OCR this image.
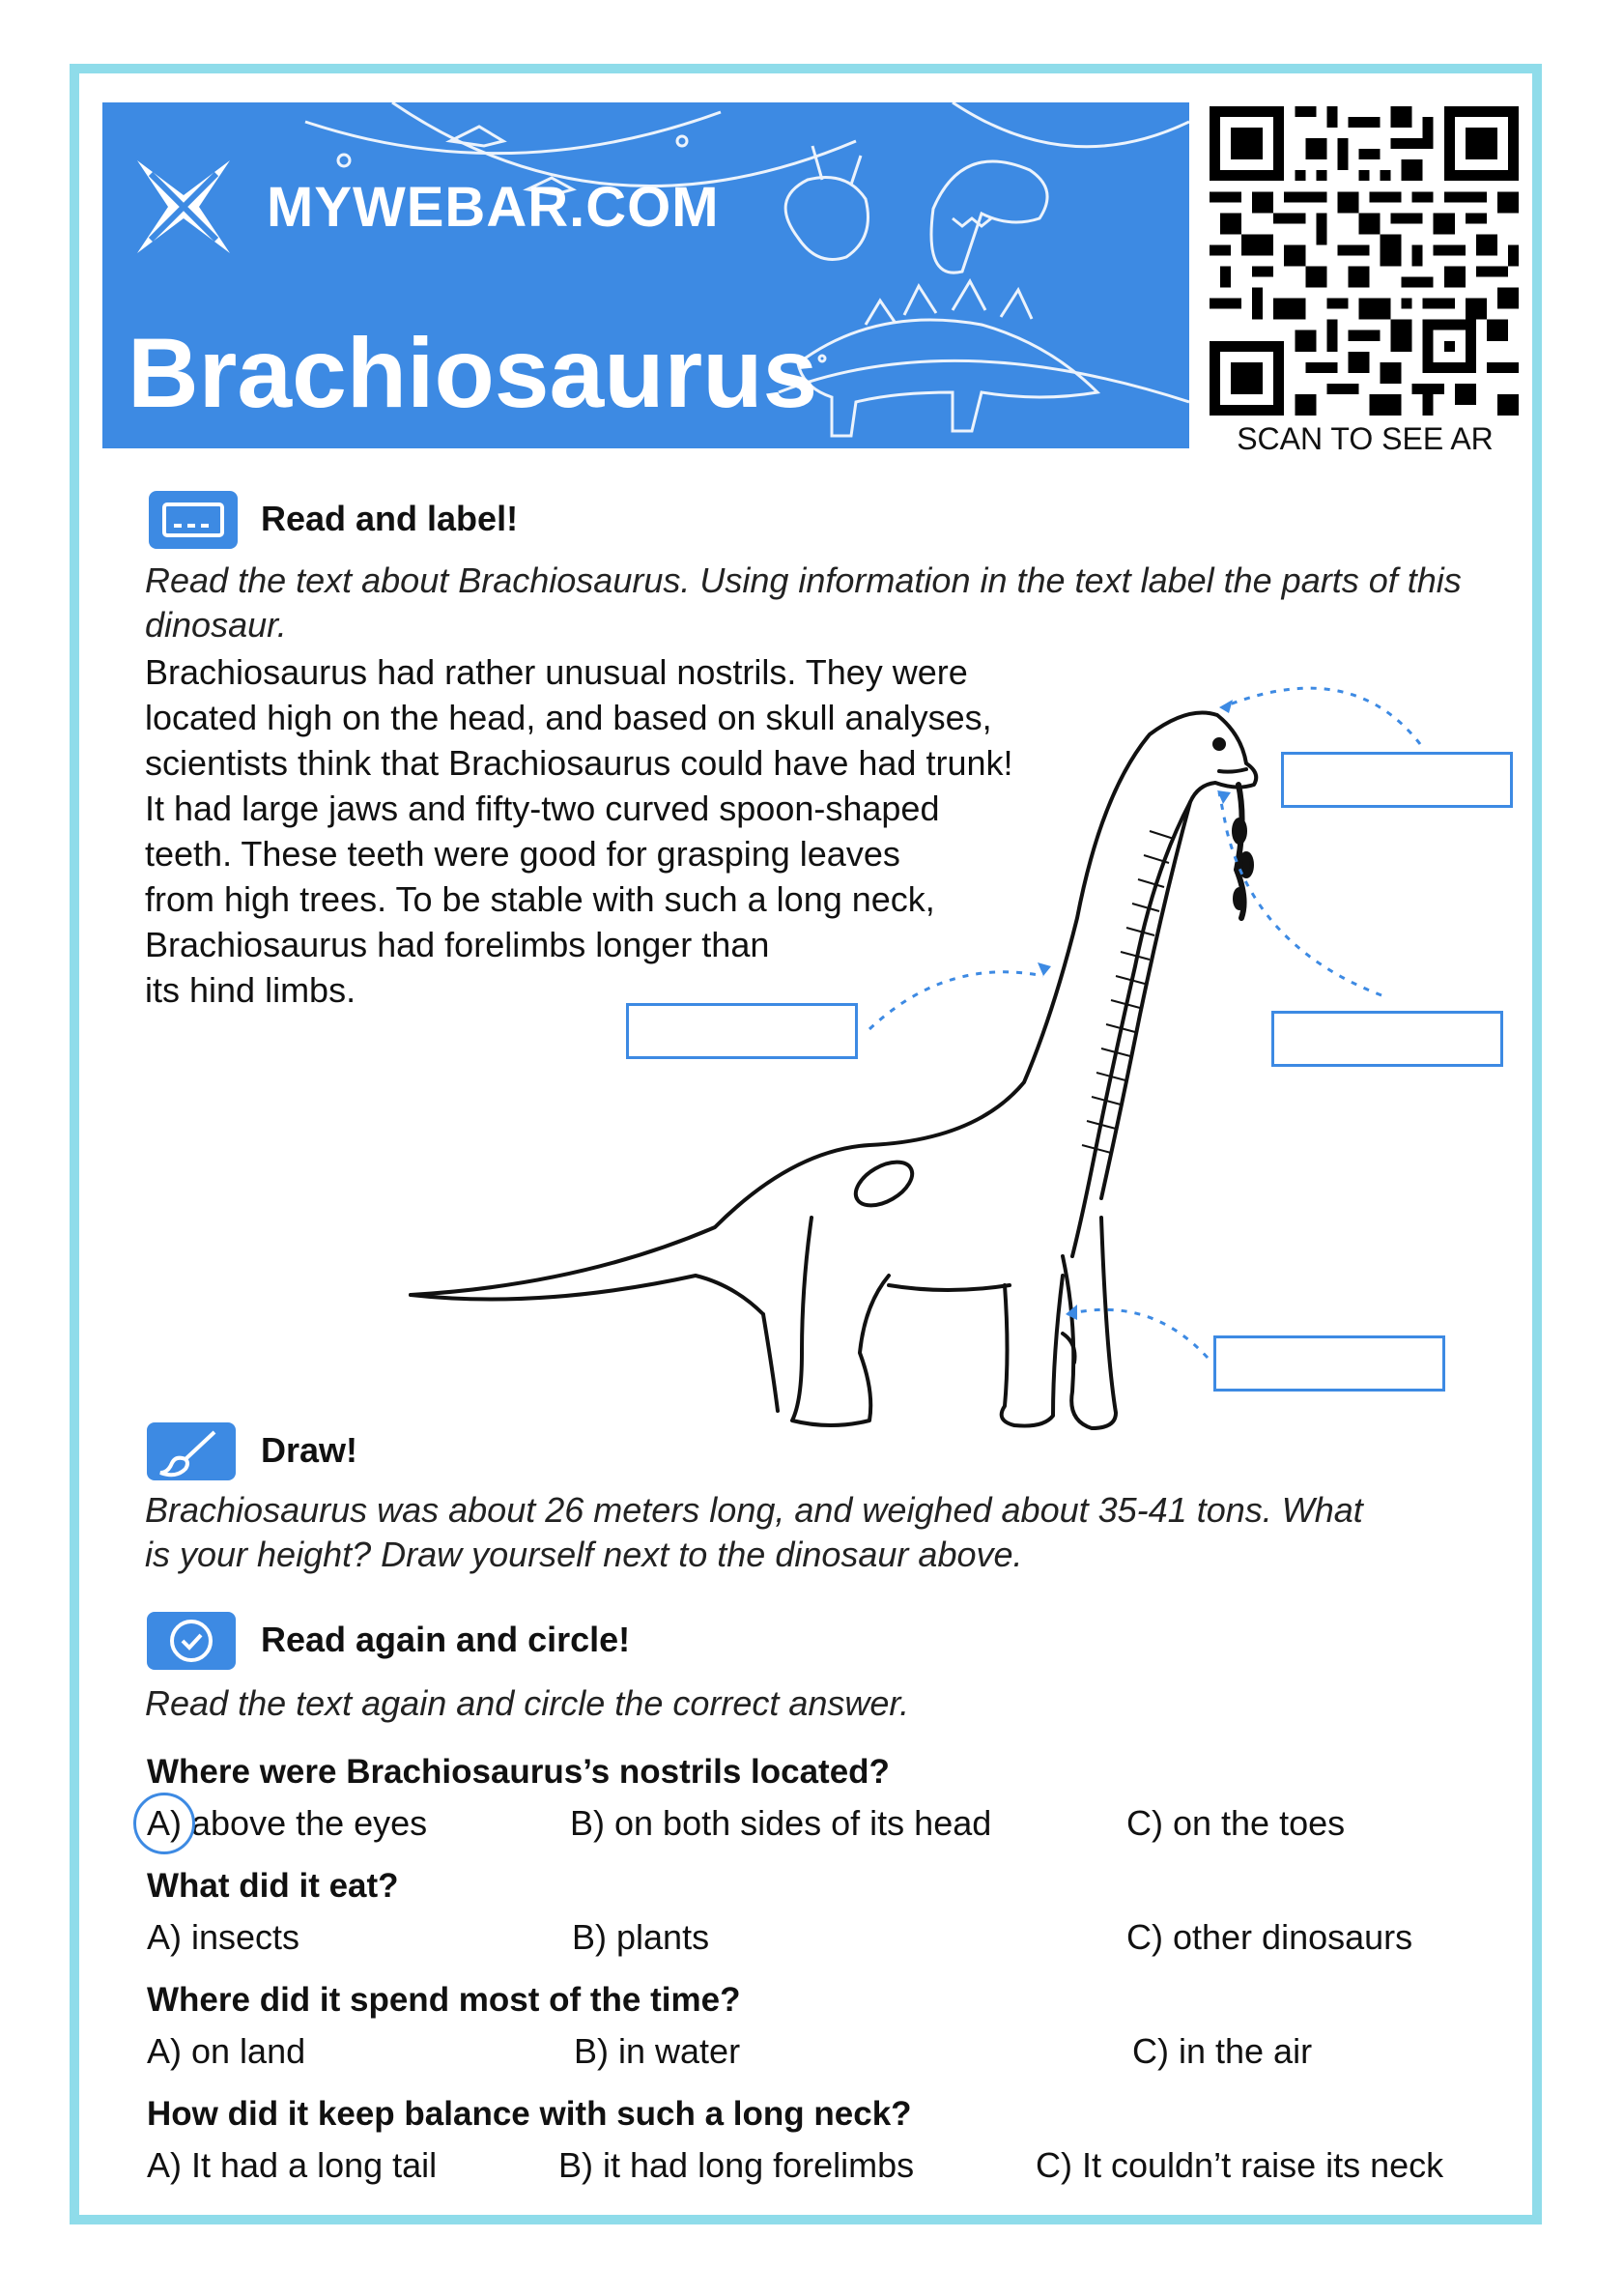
MYWEBAR.COM
Brachiosaurus
SCAN TO SEE AR
Read and label!
Read the text about Brachiosaurus. Using information in the text label the parts of this dinosaur.
Brachiosaurus had rather unusual nostrils. They were
located high on the head, and based on skull analyses,
scientists think that Brachiosaurus could have had trunk!
It had large jaws and fifty-two curved spoon-shaped
teeth. These teeth were good for grasping leaves
from high trees. To be stable with such a long neck,
Brachiosaurus had forelimbs longer than
its hind limbs.
Draw!
Brachiosaurus was about 26 meters long, and weighed about 35-41 tons. What
is your height? Draw yourself next to the dinosaur above.
Read again and circle!
Read the text again and circle the correct answer.
Where were Brachiosaurus’s nostrils located?
A) above the eyes	B) on both sides of its head	C) on the toes
What did it eat?
A) insects	B) plants	C) other dinosaurs
Where did it spend most of the time?
A) on land	B) in water	C) in the air
How did it keep balance with such a long neck?
A) It had a long tail	B) it had long forelimbs	C) It couldn’t raise its neck
